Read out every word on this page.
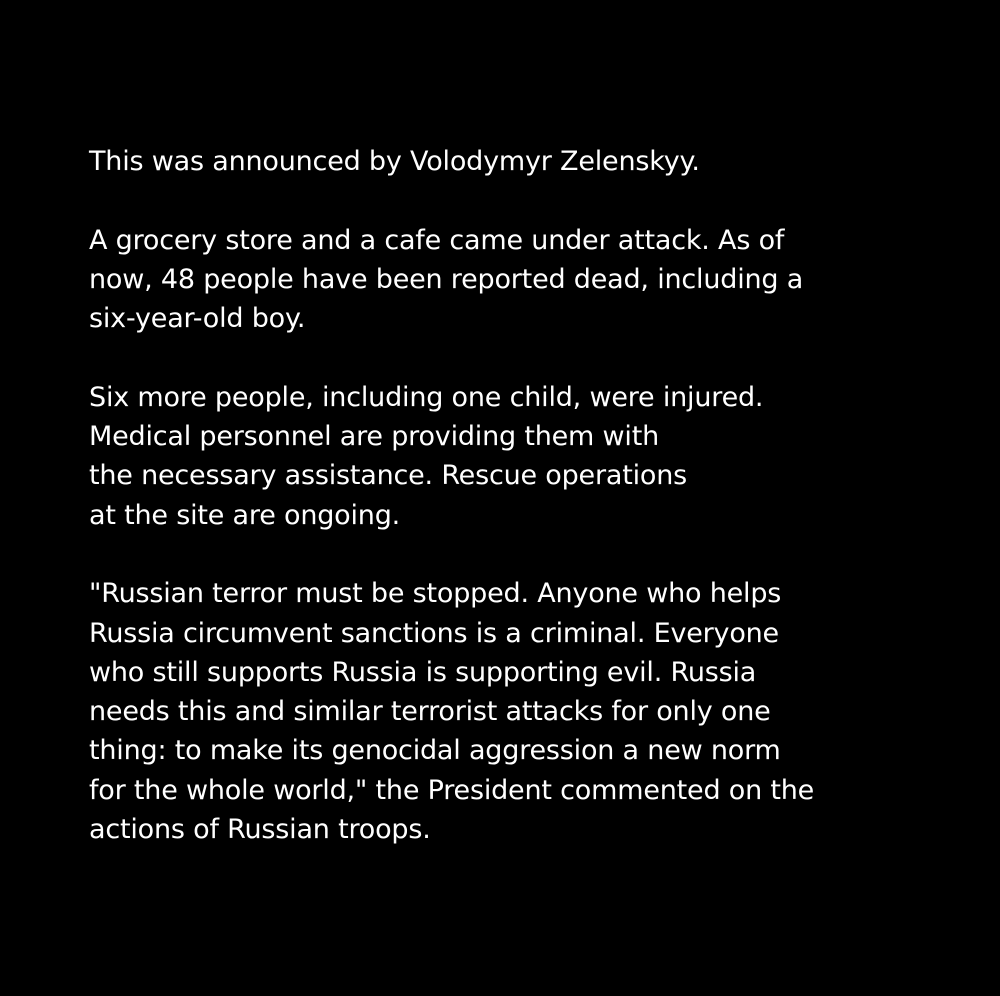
This was announced by Volodymyr Zelenskyy.

A grocery store and a cafe came under attack. As of
now, 48 people have been reported dead, including a
six-year-old boy.

Six more people, including one child, were injured.
Medical personnel are providing them with
the necessary assistance. Rescue operations
at the site are ongoing.

"Russian terror must be stopped. Anyone who helps
Russia circumvent sanctions is a criminal. Everyone
who still supports Russia is supporting evil. Russia
needs this and similar terrorist attacks for only one
thing: to make its genocidal aggression a new norm
for the whole world," the President commented on the
actions of Russian troops.
